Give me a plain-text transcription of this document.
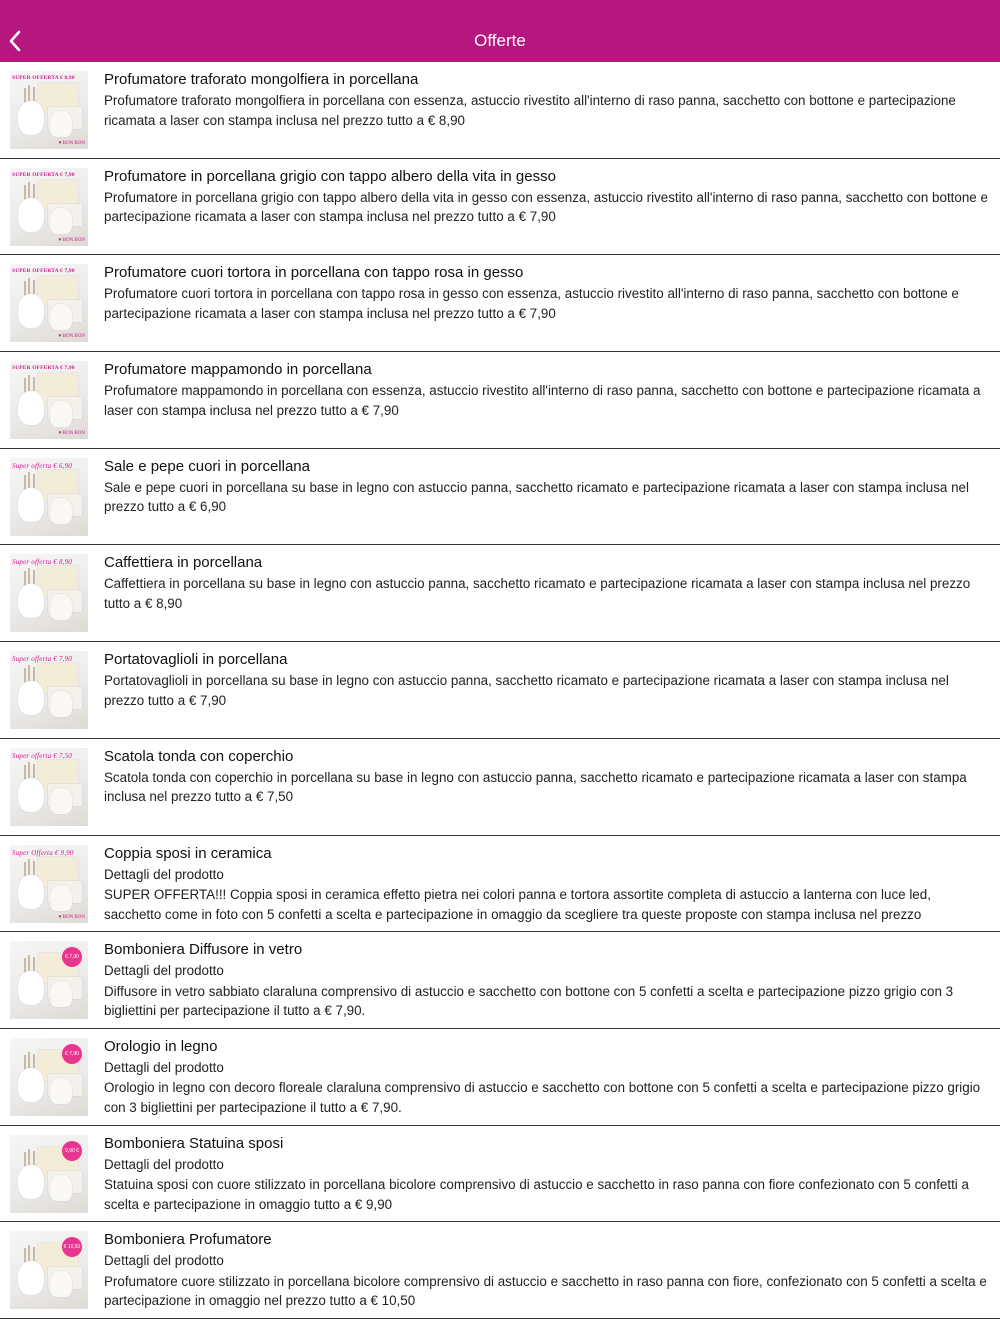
Offerte
SUPER OFFERTA € 8,90
♥ BON BON
Profumatore traforato mongolfiera in porcellana
Profumatore traforato mongolfiera in porcellana con essenza, astuccio rivestito all'interno di raso panna, sacchetto con bottone e partecipazione ricamata a laser con stampa inclusa nel prezzo tutto a € 8,90
SUPER OFFERTA € 7,90
♥ BON BON
Profumatore in porcellana grigio con tappo albero della vita in gesso
Profumatore in porcellana grigio con tappo albero della vita in gesso con essenza, astuccio rivestito all'interno di raso panna, sacchetto con bottone e partecipazione ricamata a laser con stampa inclusa nel prezzo tutto a € 7,90
SUPER OFFERTA € 7,90
♥ BON BON
Profumatore cuori tortora in porcellana con tappo rosa in gesso
Profumatore cuori tortora in porcellana con tappo rosa in gesso con essenza, astuccio rivestito all'interno di raso panna, sacchetto con bottone e partecipazione ricamata a laser con stampa inclusa nel prezzo tutto a € 7,90
SUPER OFFERTA € 7,90
♥ BON BON
Profumatore mappamondo in porcellana
Profumatore mappamondo in porcellana con essenza, astuccio rivestito all'interno di raso panna, sacchetto con bottone e partecipazione ricamata a laser con stampa inclusa nel prezzo tutto a € 7,90
Super offerta € 6,90 Sale e pepe cuori in porcellana
Sale e pepe cuori in porcellana su base in legno con astuccio panna, sacchetto ricamato e partecipazione ricamata a laser con stampa inclusa nel prezzo tutto a € 6,90
Super offerta € 8,90 Caffettiera in porcellana
Caffettiera in porcellana su base in legno con astuccio panna, sacchetto ricamato e partecipazione ricamata a laser con stampa inclusa nel prezzo tutto a € 8,90
Super offerta € 7,90 Portatovaglioli in porcellana
Portatovaglioli in porcellana su base in legno con astuccio panna, sacchetto ricamato e partecipazione ricamata a laser con stampa inclusa nel prezzo tutto a € 7,90
Super offerta € 7,50 Scatola tonda con coperchio
Scatola tonda con coperchio in porcellana su base in legno con astuccio panna, sacchetto ricamato e partecipazione ricamata a laser con stampa inclusa nel prezzo tutto a € 7,50
Super Offerta € 9,90
♥ BON BON
Coppia sposi in ceramica
Dettagli del prodotto
SUPER OFFERTA!!! Coppia sposi in ceramica effetto pietra nei colori panna e tortora assortite completa di astuccio a lanterna con luce led, sacchetto come in foto con 5 confetti a scelta e partecipazione in omaggio da scegliere tra queste proposte con stampa inclusa nel prezzo
€ 7,90 Bomboniera Diffusore in vetro
Dettagli del prodotto
Diffusore in vetro sabbiato claraluna comprensivo di astuccio e sacchetto con bottone con 5 confetti a scelta e partecipazione pizzo grigio con 3 bigliettini per partecipazione il tutto a € 7,90.
€ 7,90 Orologio in legno
Dettagli del prodotto
Orologio in legno con decoro floreale claraluna comprensivo di astuccio e sacchetto con bottone con 5 confetti a scelta e partecipazione pizzo grigio con 3 bigliettini per partecipazione il tutto a € 7,90.
9,90 € Bomboniera Statuina sposi
Dettagli del prodotto
Statuina sposi con cuore stilizzato in porcellana bicolore comprensivo di astuccio e sacchetto in raso panna con fiore confezionato con 5 confetti a scelta e partecipazione in omaggio tutto a € 9,90
€ 10,50 Bomboniera Profumatore
Dettagli del prodotto
Profumatore cuore stilizzato in porcellana bicolore comprensivo di astuccio e sacchetto in raso panna con fiore, confezionato con 5 confetti a scelta e partecipazione in omaggio nel prezzo tutto a € 10,50
